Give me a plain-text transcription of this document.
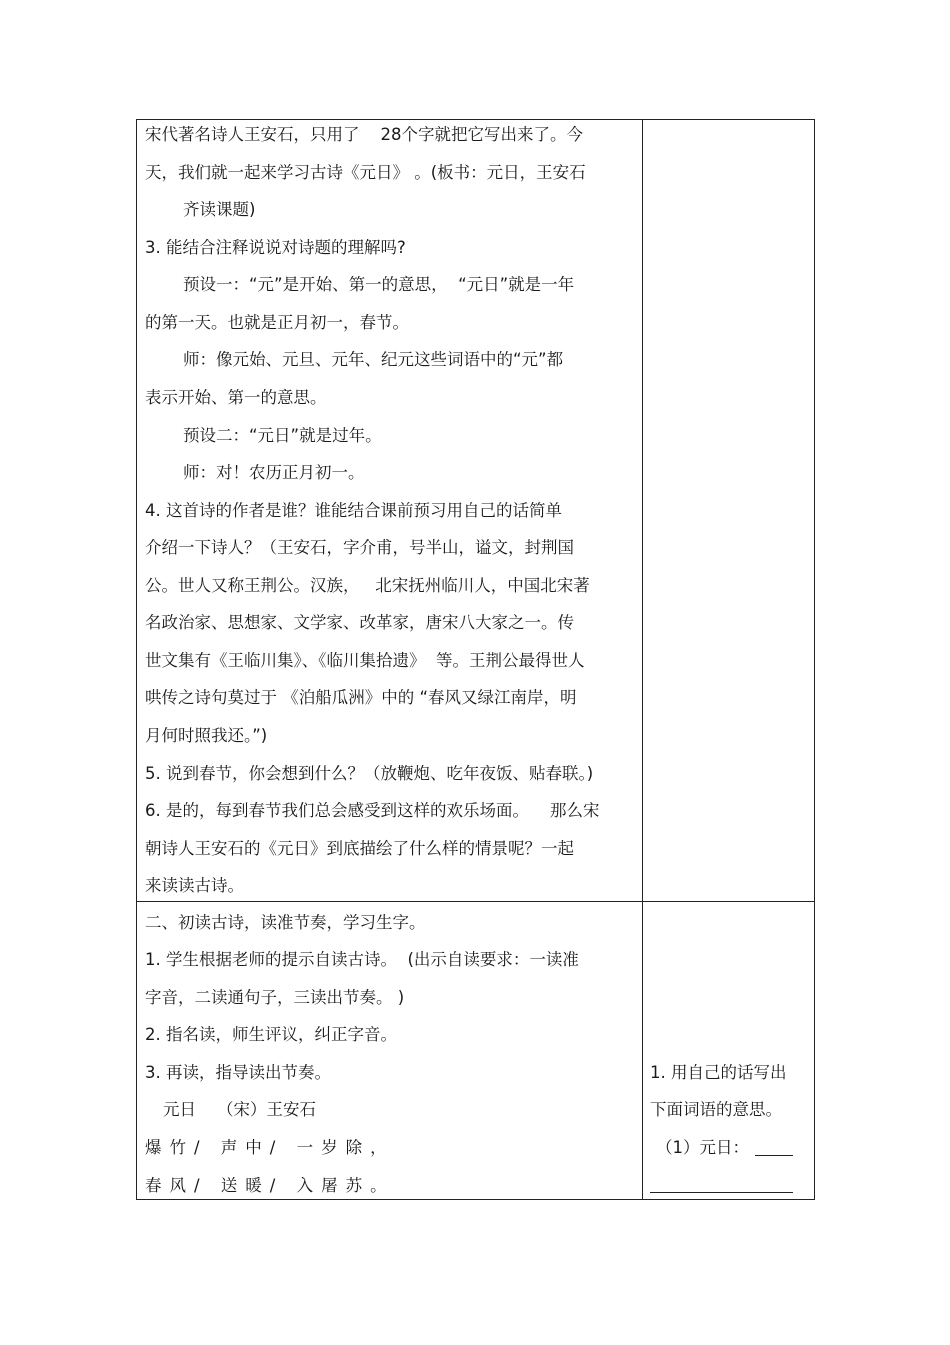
宋代著名诗人王安石，只用了    28个字就把它写出来了。今
天，我们就一起来学习古诗《元日》 。(板书：元日，王安石
齐读课题)
3. 能结合注释说说对诗题的理解吗?
预设一：“元”是开始、第一的意思，  “元日”就是一年
的第一天。也就是正月初一，春节。
师：像元始、元旦、元年、纪元这些词语中的“元”都
表示开始、第一的意思。
预设二：“元日”就是过年。
师：对！农历正月初一。
4. 这首诗的作者是谁？谁能结合课前预习用自己的话简单
介绍一下诗人？（王安石，字介甫，号半山，谥文，封荆国
公。世人又称王荆公。汉族，   北宋抚州临川人，中国北宋著
名政治家、思想家、文学家、改革家，唐宋八大家之一。传
世文集有《王临川集》、《临川集拾遗》  等。王荆公最得世人
哄传之诗句莫过于 《泊船瓜洲》中的 “春风又绿江南岸，明
月何时照我还。”)
5. 说到春节，你会想到什么？（放鞭炮、吃年夜饭、贴春联。)
6. 是的，每到春节我们总会感受到这样的欢乐场面。    那么宋
朝诗人王安石的《元日》到底描绘了什么样的情景呢？一起
来读读古诗。
二、初读古诗，读准节奏，学习生字。
1. 学生根据老师的提示自读古诗。  (出示自读要求：一读准
字音，二读通句子，三读出节奏。 )
2. 指名读，师生评议，纠正字音。
3. 再读，指导读出节奏。
元日    （宋）王安石
爆竹/ 声中/ 一岁除，
春风/ 送暖/ 入屠苏。
1. 用自己的话写出
下面词语的意思。
（1）元日：
